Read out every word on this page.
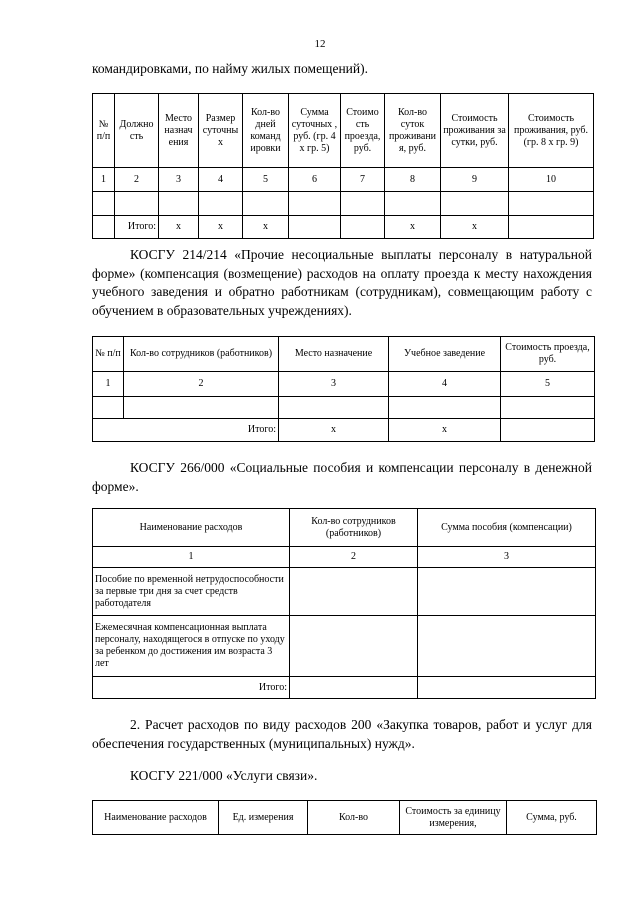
12
командировками, по найму жилых помещений).
№ п/п	Должно сть	Место назнач ения	Размер суточны х	Кол-во дней команд ировки	Сумма суточных , руб. (гр. 4 х гр. 5)	Стоимо сть проезда, руб.	Кол-во суток проживани я, руб.	Стоимость проживания за сутки, руб.	Стоимость проживания, руб. (гр. 8 х гр. 9)
1	2	3	4	5	6	7	8	9	10

	Итого:	х	х	х			х	х	
КОСГУ 214/214 «Прочие несоциальные выплаты персоналу в натуральной форме» (компенсация (возмещение) расходов на оплату проезда к месту нахождения учебного заведения и обратно работникам (сотрудникам), совмещающим работу с обучением в образовательных учреждениях).
№ п/п	Кол-во сотрудников (работников)	Место назначение	Учебное заведение	Стоимость проезда, руб.
1	2	3	4	5

Итого:		х	х	
КОСГУ 266/000 «Социальные пособия и компенсации персоналу в денежной форме».
Наименование расходов	Кол-во сотрудников (работников)	Сумма пособия (компенсации)
1	2	3
Пособие по временной нетрудоспособности за первые три дня за счет средств работодателя		
Ежемесячная компенсационная выплата персоналу, находящегося в отпуске по уходу за ребенком до достижения им возраста 3 лет		
Итого:		
2. Расчет расходов по виду расходов 200 «Закупка товаров, работ и услуг для обеспечения государственных (муниципальных) нужд».
КОСГУ 221/000 «Услуги связи».
Наименование расходов	Ед. измерения	Кол-во	Стоимость за единицу измерения,	Сумма, руб.
